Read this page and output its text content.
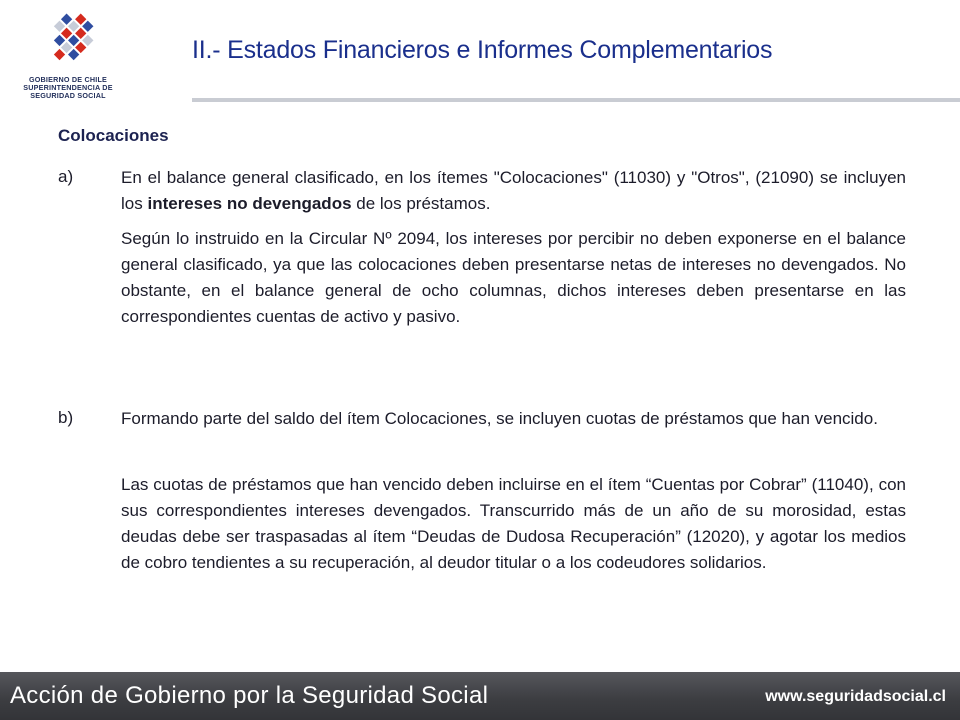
GOBIERNO DE CHILE
SUPERINTENDENCIA DE
SEGURIDAD SOCIAL
II.- Estados Financieros e Informes Complementarios
Colocaciones
a)	En el balance general clasificado, en los ítemes "Colocaciones" (11030) y "Otros", (21090) se incluyen los intereses no devengados de los préstamos.

Según lo instruido en la Circular Nº 2094, los intereses por percibir no deben exponerse en el balance general clasificado, ya que las colocaciones deben presentarse netas de intereses no devengados. No obstante, en el balance general de ocho columnas, dichos intereses deben presentarse en las correspondientes cuentas de activo y pasivo.

b)	Formando parte del saldo del ítem Colocaciones, se incluyen cuotas de préstamos que han vencido.

Las cuotas de préstamos que han vencido deben incluirse en el ítem “Cuentas por Cobrar” (11040), con sus correspondientes intereses devengados. Transcurrido más de un año de su morosidad, estas deudas debe ser traspasadas al ítem “Deudas de Dudosa Recuperación” (12020), y agotar los medios de cobro tendientes a su recuperación, al deudor titular o a los codeudores solidarios.

Acción de Gobierno por la Seguridad Social	www.seguridadsocial.cl
